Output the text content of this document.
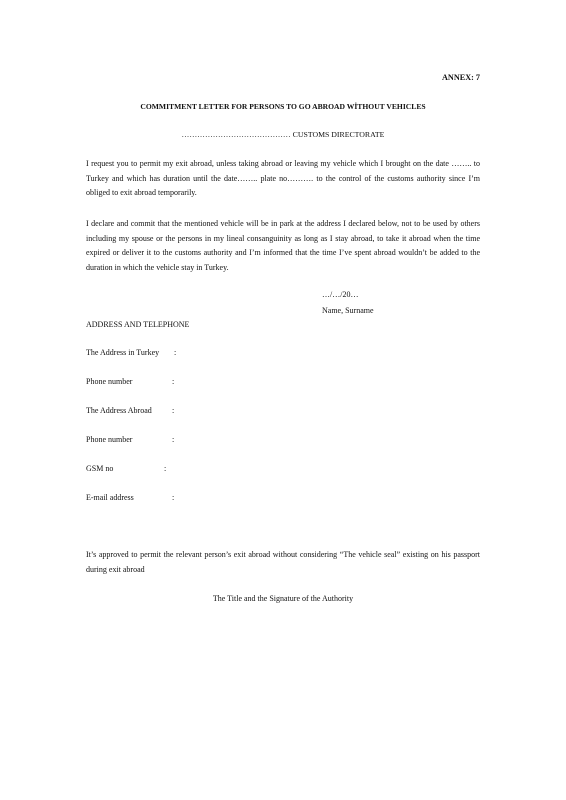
ANNEX: 7
COMMITMENT LETTER FOR PERSONS TO GO ABROAD WİTHOUT VEHICLES
…………………………………… CUSTOMS DIRECTORATE
I request you to permit my exit abroad, unless taking abroad or leaving my vehicle which I brought on the date …….. to Turkey and which has duration until the date…….. plate no………. to the control of the customs authority since I’m obliged to exit abroad temporarily.
I declare and commit that the mentioned vehicle will be in park at the address I declared below, not to be used by others including my spouse or the persons in my lineal consanguinity as long as I stay abroad, to take it abroad when the time expired or deliver it to the customs authority and I’m informed that the time I’ve spent abroad wouldn’t be added to the duration in which the vehicle stay in Turkey.
…/…/20…
Name, Surname
ADDRESS AND TELEPHONE
The Address in Turkey :
Phone number	:
The Address Abroad	:
Phone number	:
GSM no	:
E-mail address	:
It’s approved to permit the relevant person’s exit abroad without considering “The vehicle seal” existing on his passport during exit abroad
The Title and the Signature of the Authority
